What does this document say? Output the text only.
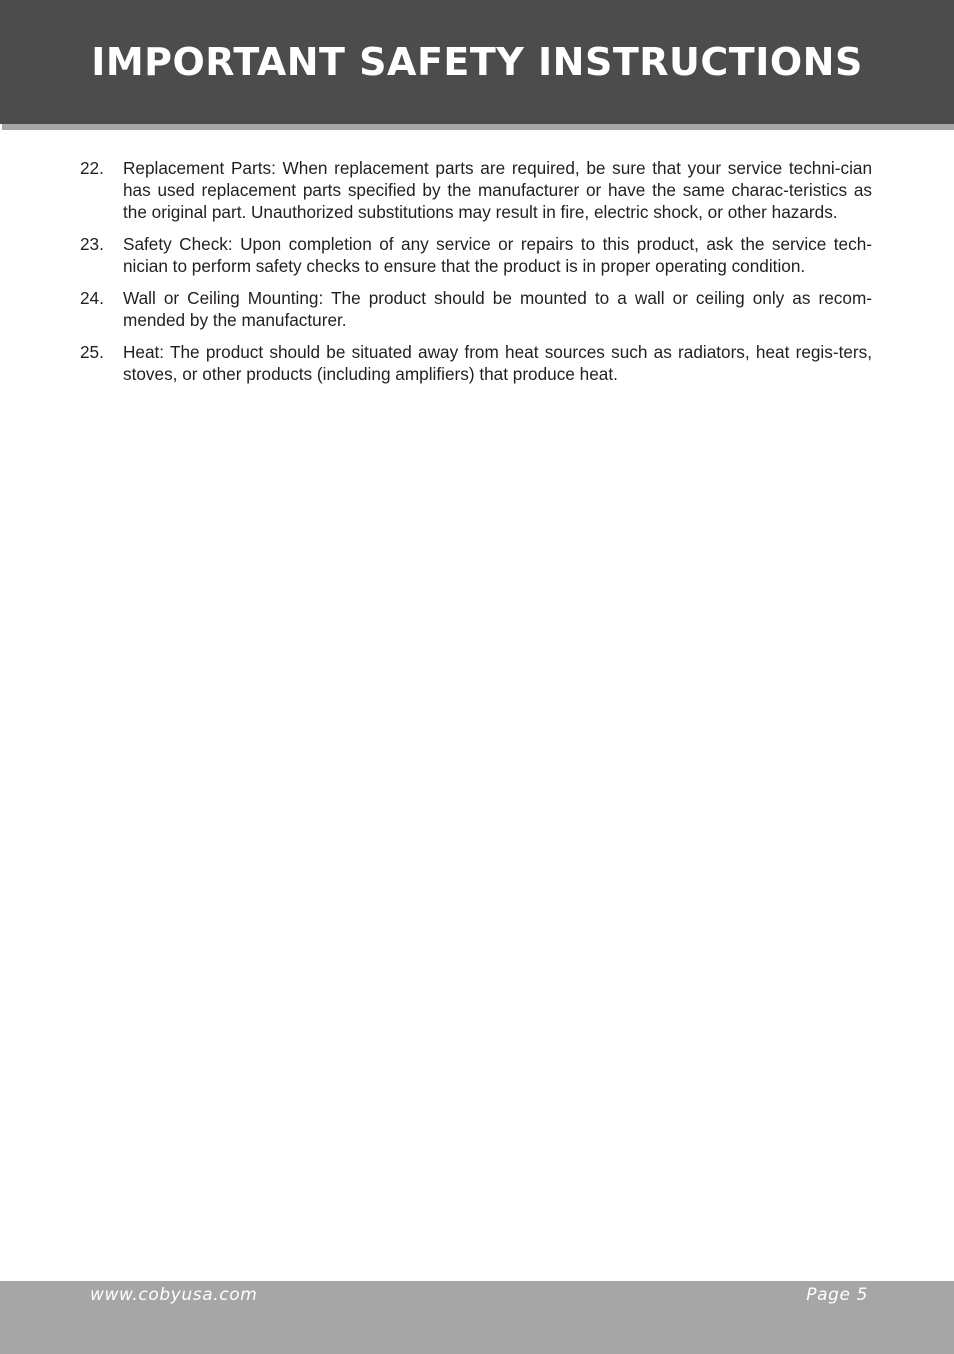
IMPORTANT SAFETY INSTRUCTIONS
22. Replacement Parts: When replacement parts are required, be sure that your service techni-cian has used replacement parts specified by the manufacturer or have the same charac-teristics as the original part. Unauthorized substitutions may result in fire, electric shock, or other hazards.
23. Safety Check: Upon completion of any service or repairs to this product, ask the service tech-nician to perform safety checks to ensure that the product is in proper operating condition.
24. Wall or Ceiling Mounting: The product should be mounted to a wall or ceiling only as recom-mended by the manufacturer.
25. Heat: The product should be situated away from heat sources such as radiators, heat regis-ters, stoves, or other products (including amplifiers) that produce heat.
www.cobyusa.com	Page 5
